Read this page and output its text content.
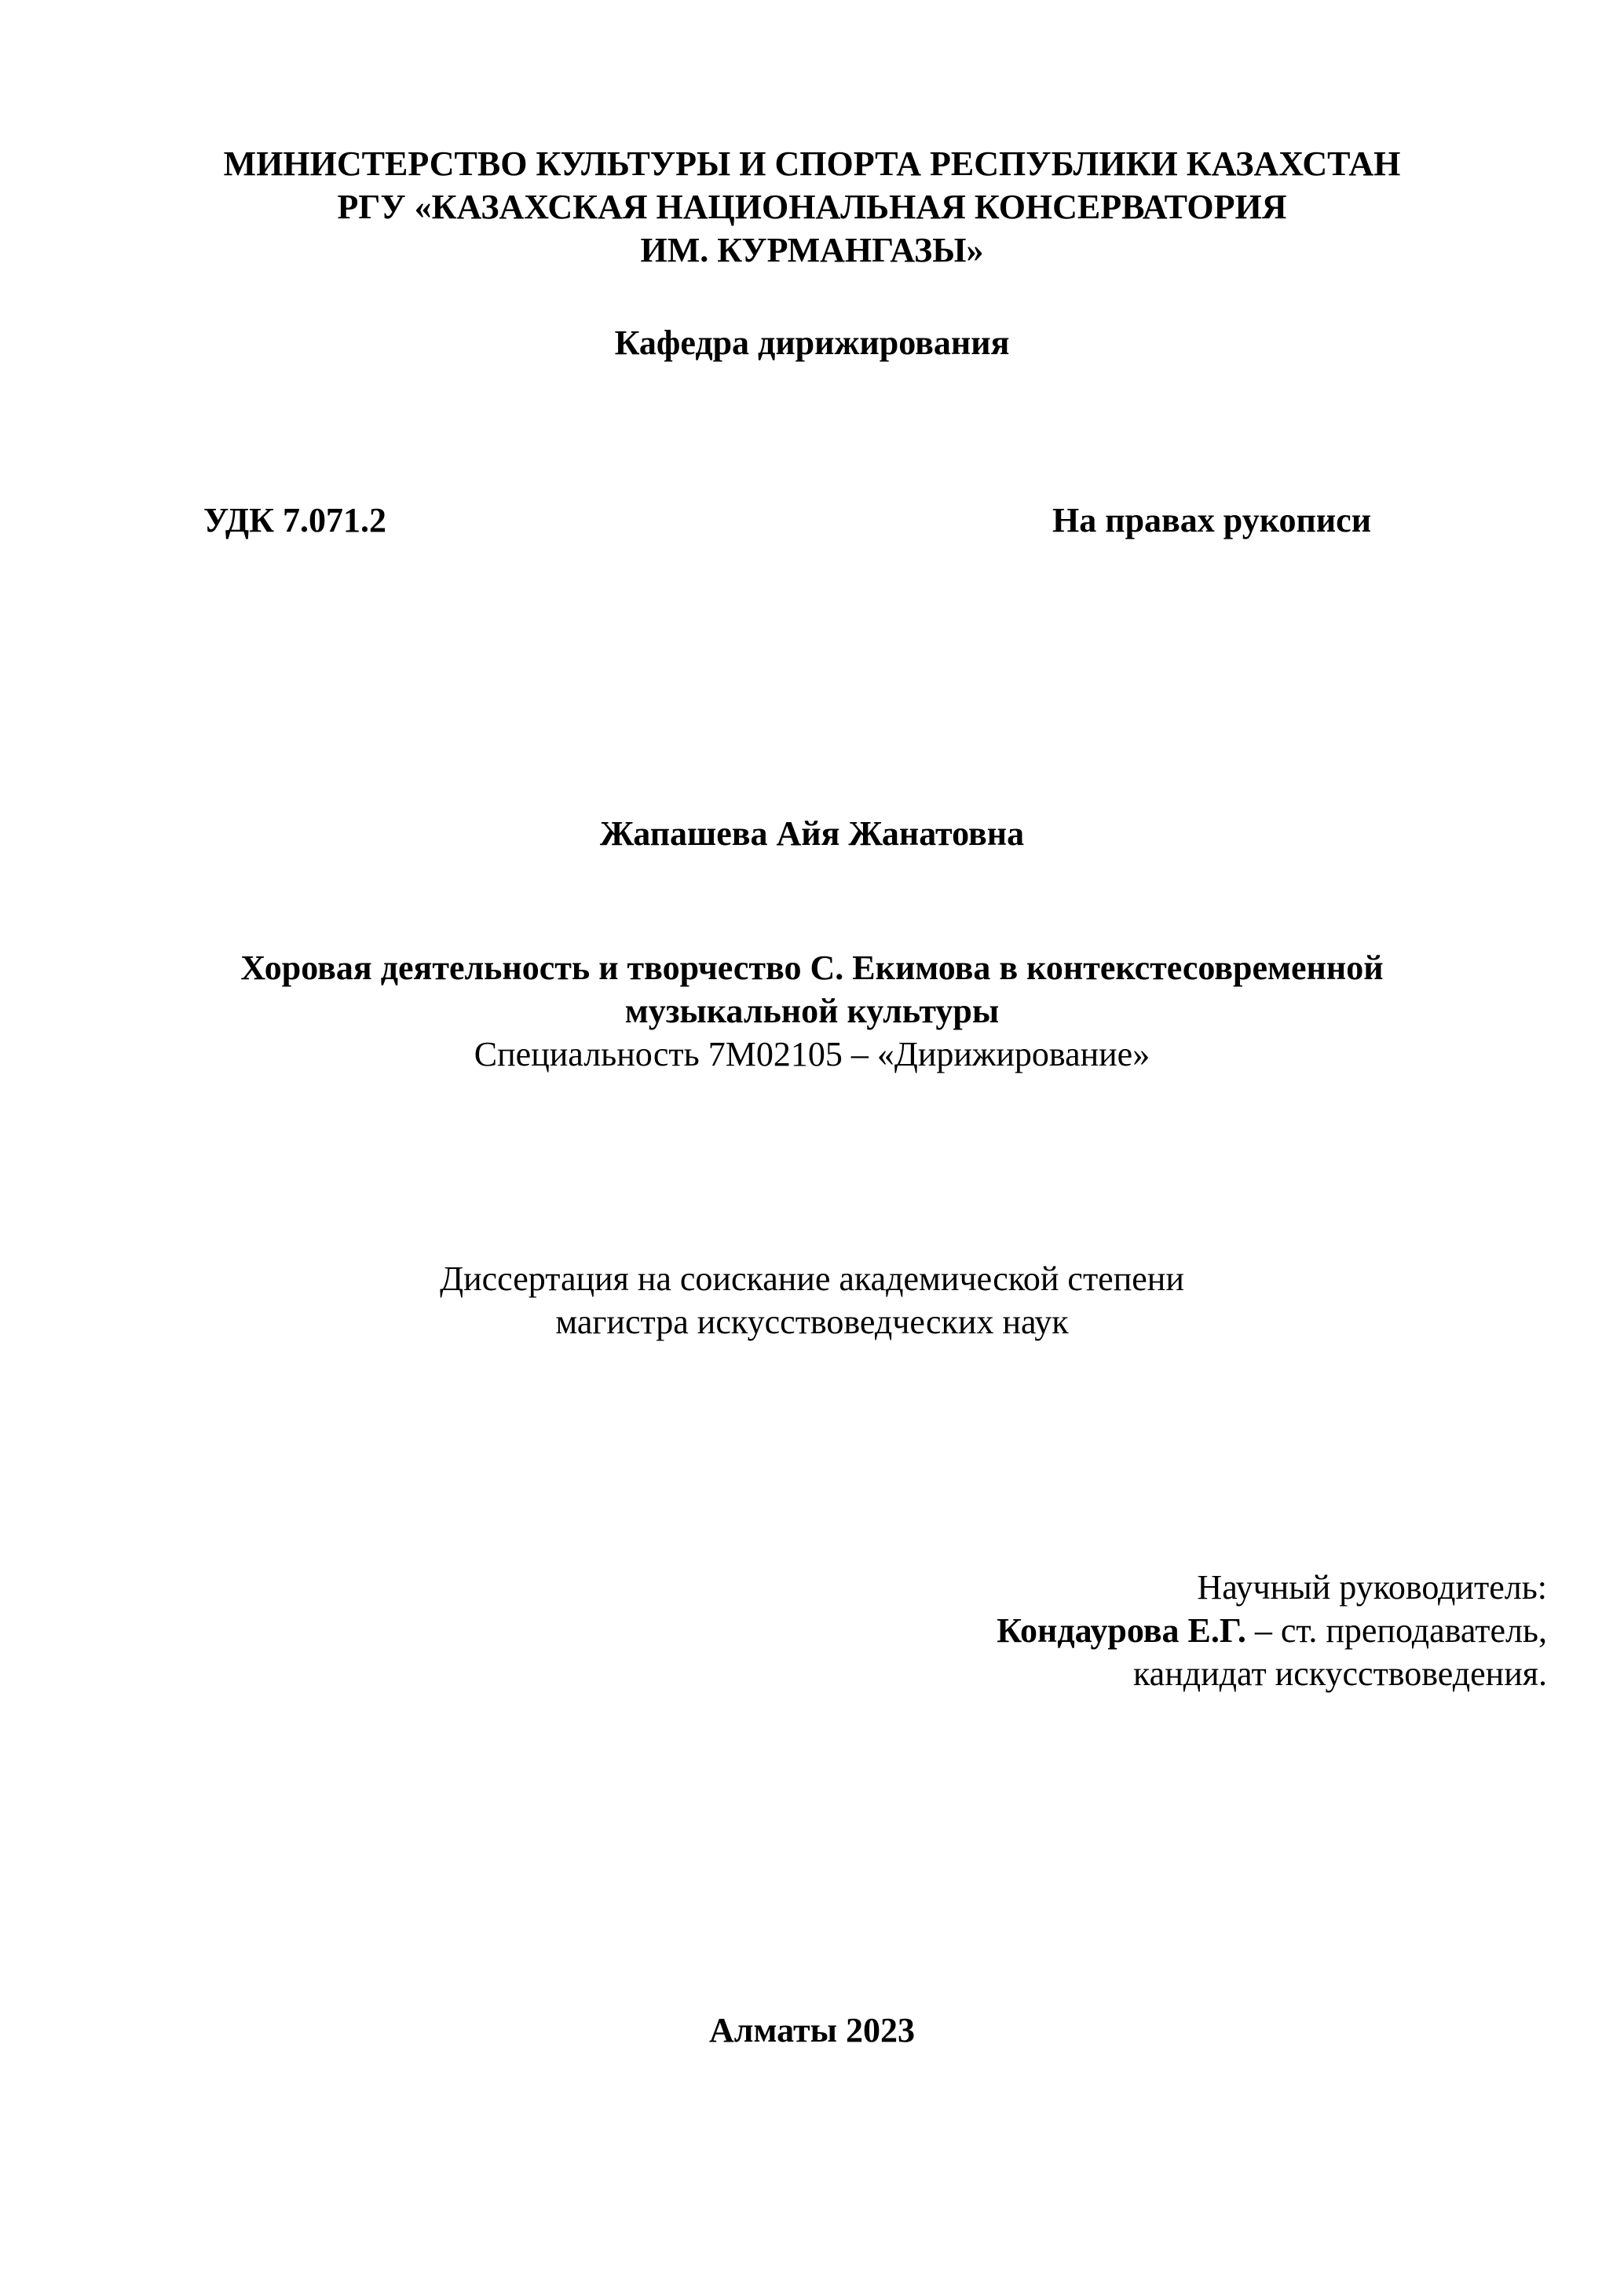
МИНИСТЕРСТВО КУЛЬТУРЫ И СПОРТА РЕСПУБЛИКИ КАЗАХСТАН
РГУ «КАЗАХСКАЯ НАЦИОНАЛЬНАЯ КОНСЕРВАТОРИЯ
ИМ. КУРМАНГАЗЫ»
Кафедра дирижирования
УДК 7.071.2	На правах рукописи
Жапашева Айя Жанатовна
Хоровая деятельность и творчество С. Екимова в контекстесовременной
музыкальной культуры
Специальность 7М02105 – «Дирижирование»
Диссертация на соискание академической степени
магистра искусствоведческих наук
Научный руководитель:
Кондаурова Е.Г. – ст. преподаватель,
кандидат искусствоведения.
Алматы 2023
